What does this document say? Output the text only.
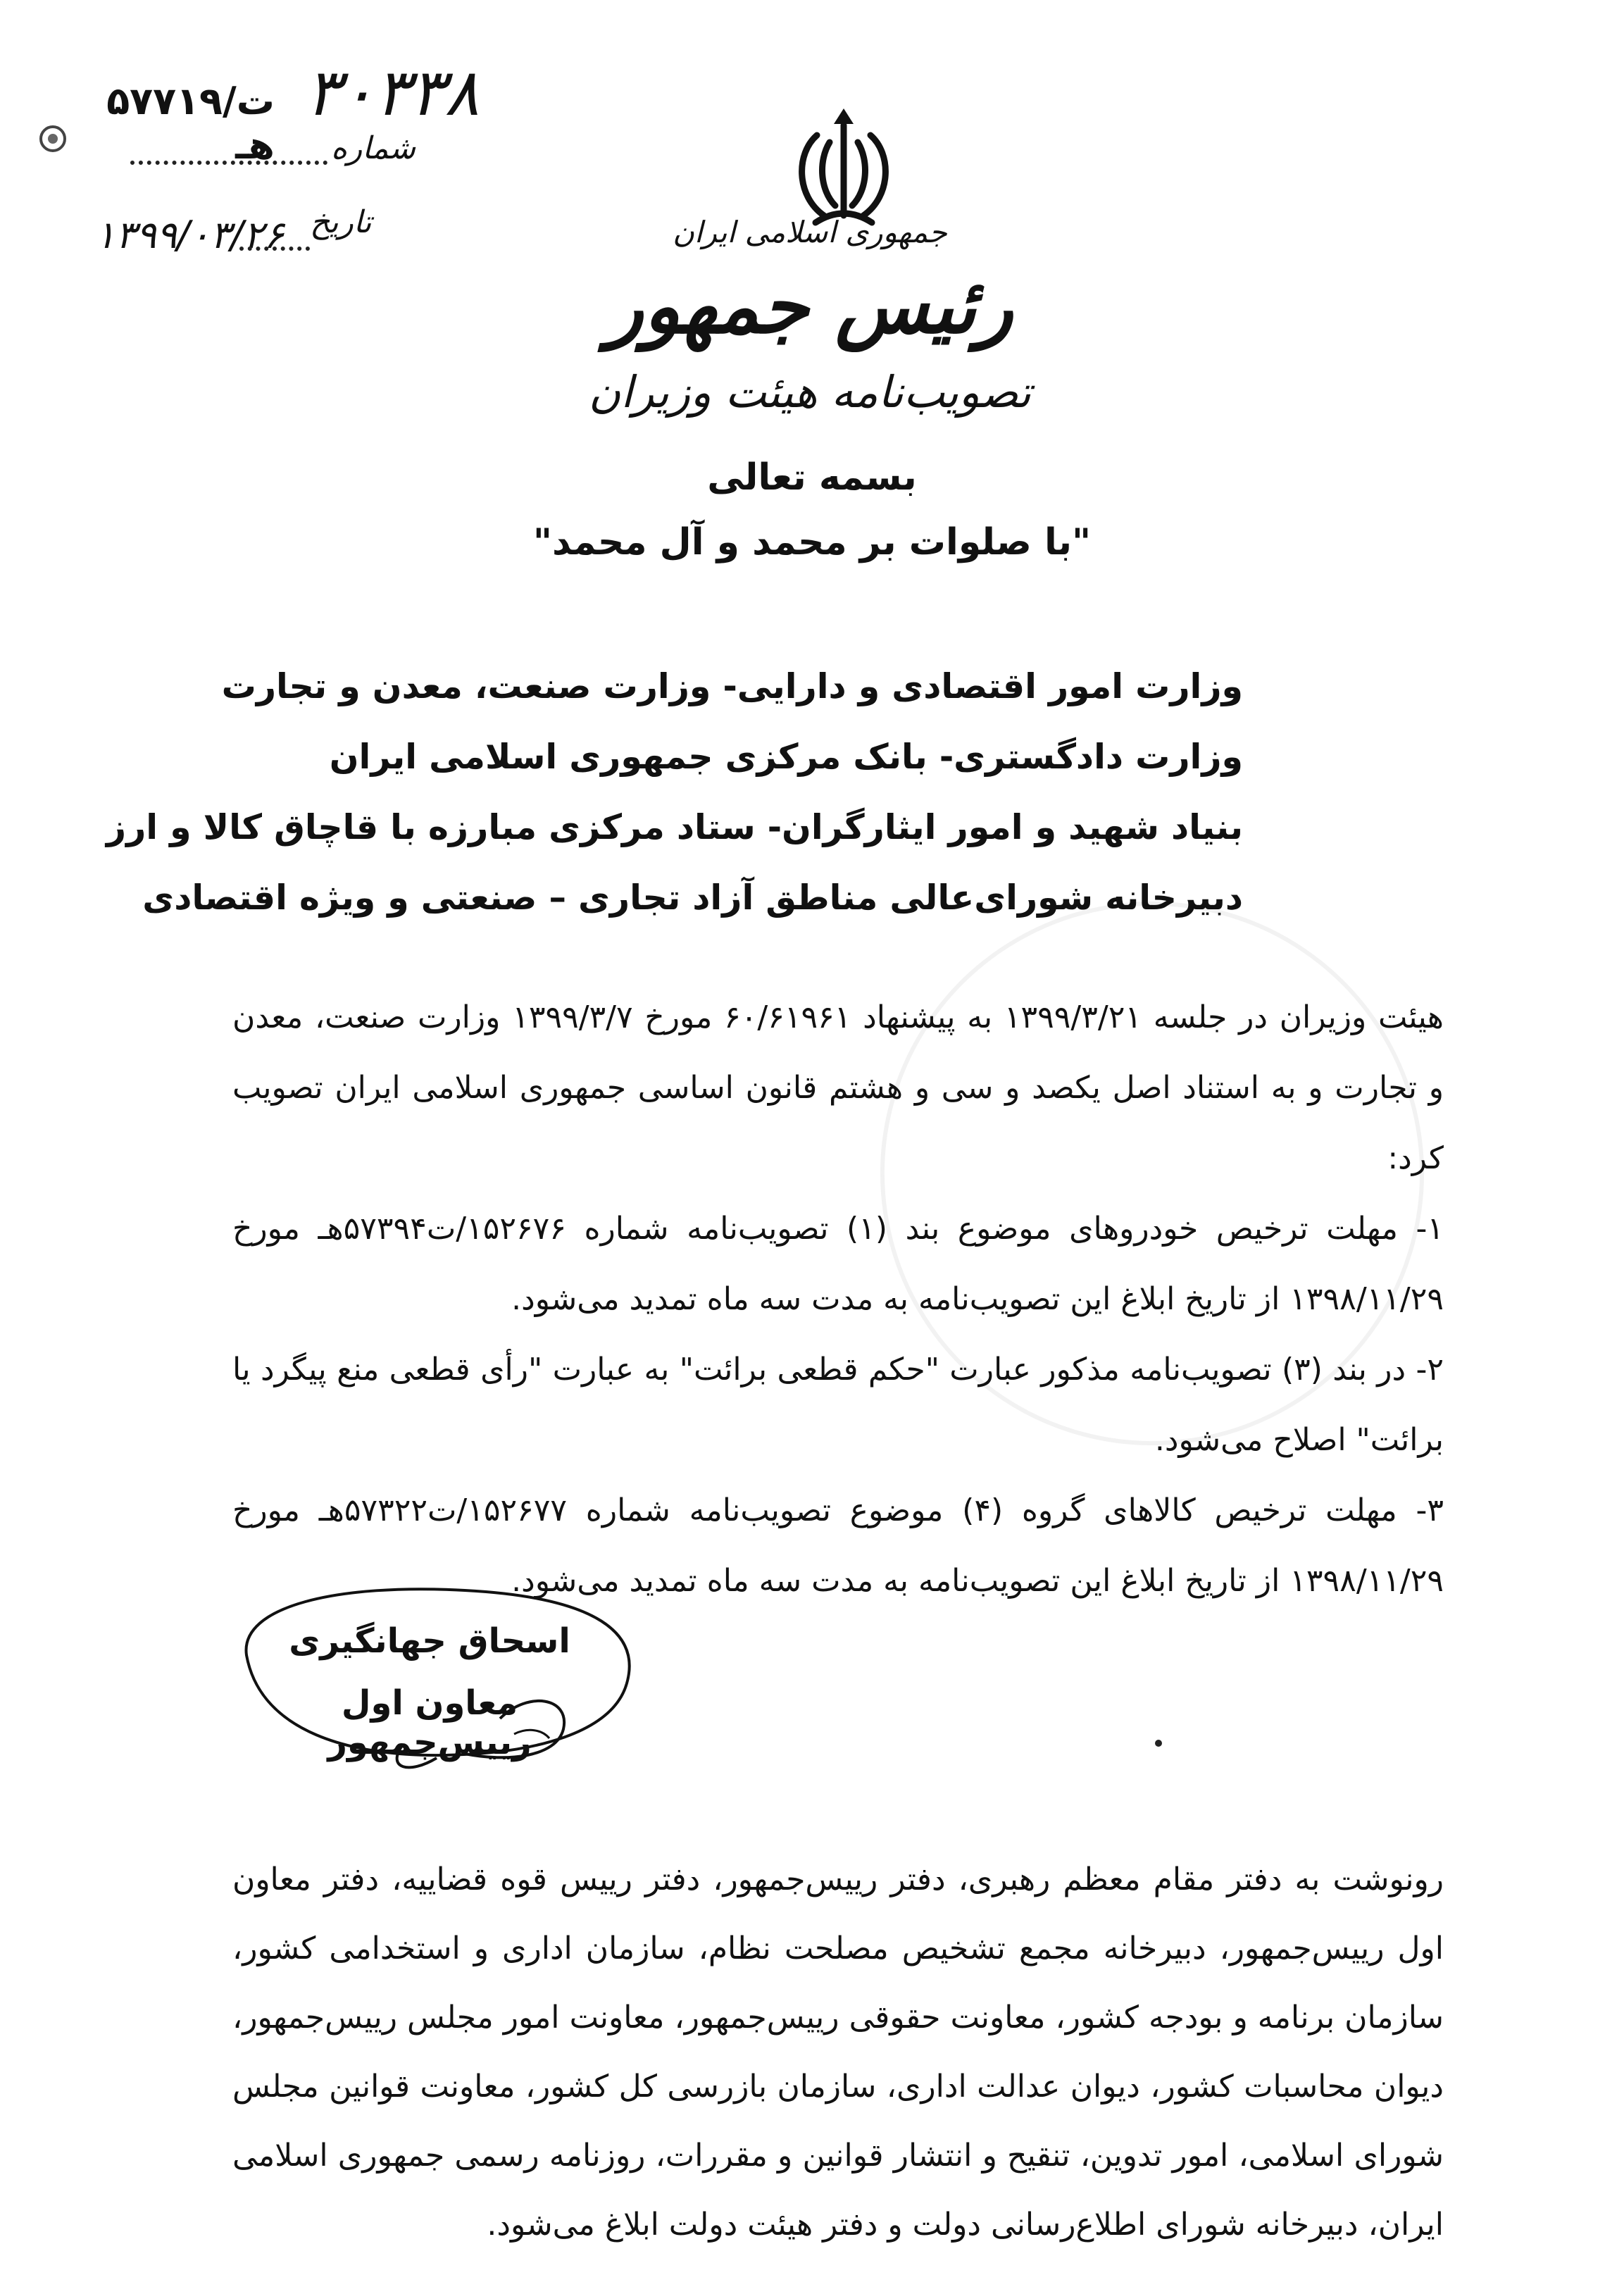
۳۰۳۳۸
۵۷۷۱۹/ت هـ شماره
تاریخ
۱۳۹۹/۰۳/۲۶	جمهوری اسلامی ایران
رئیس جمهور
تصویب‌نامه هیئت وزیران
بسمه تعالی
"با صلوات بر محمد و آل محمد"
وزارت امور اقتصادی و دارایی- وزارت صنعت، معدن و تجارت
وزارت دادگستری- بانک مرکزی جمهوری اسلامی ایران
بنیاد شهید و امور ایثارگران- ستاد مرکزی مبارزه با قاچاق کالا و ارز
دبیرخانه شورای‌عالی مناطق آزاد تجاری – صنعتی و ویژه اقتصادی

هیئت وزیران در جلسه ۱۳۹۹/۳/۲۱ به پیشنهاد ۶۰/۶۱۹۶۱ مورخ ۱۳۹۹/۳/۷ وزارت صنعت، معدن و تجارت و به استناد اصل یکصد و سی و هشتم قانون اساسی جمهوری اسلامی ایران تصویب کرد:

۱- مهلت ترخیص خودروهای موضوع بند (۱) تصویب‌نامه شماره ۱۵۲۶۷۶/ت۵۷۳۹۴هـ مورخ ۱۳۹۸/۱۱/۲۹ از تاریخ ابلاغ این تصویب‌نامه به مدت سه ماه تمدید می‌شود.

۲- در بند (۳) تصویب‌نامه مذکور عبارت "حکم قطعی برائت" به عبارت "رأی قطعی منع پیگرد یا برائت" اصلاح می‌شود.

۳- مهلت ترخیص کالاهای گروه (۴) موضوع تصویب‌نامه شماره ۱۵۲۶۷۷/ت۵۷۳۲۲هـ مورخ ۱۳۹۸/۱۱/۲۹ از تاریخ ابلاغ این تصویب‌نامه به مدت سه ماه تمدید می‌شود.

اسحاق جهانگیری
معاون اول رییس‌جمهور

رونوشت به دفتر مقام معظم رهبری، دفتر رییس‌جمهور، دفتر رییس قوه قضاییه، دفتر معاون اول رییس‌جمهور، دبیرخانه مجمع تشخیص مصلحت نظام، سازمان اداری و استخدامی کشور، سازمان برنامه و بودجه کشور، معاونت حقوقی رییس‌جمهور، معاونت امور مجلس رییس‌جمهور، دیوان محاسبات کشور، دیوان عدالت اداری، سازمان بازرسی کل کشور، معاونت قوانین مجلس شورای اسلامی، امور تدوین، تنقیح و انتشار قوانین و مقررات، روزنامه رسمی جمهوری اسلامی ایران، دبیرخانه شورای اطلاع‌رسانی دولت و دفتر هیئت دولت ابلاغ می‌شود.
